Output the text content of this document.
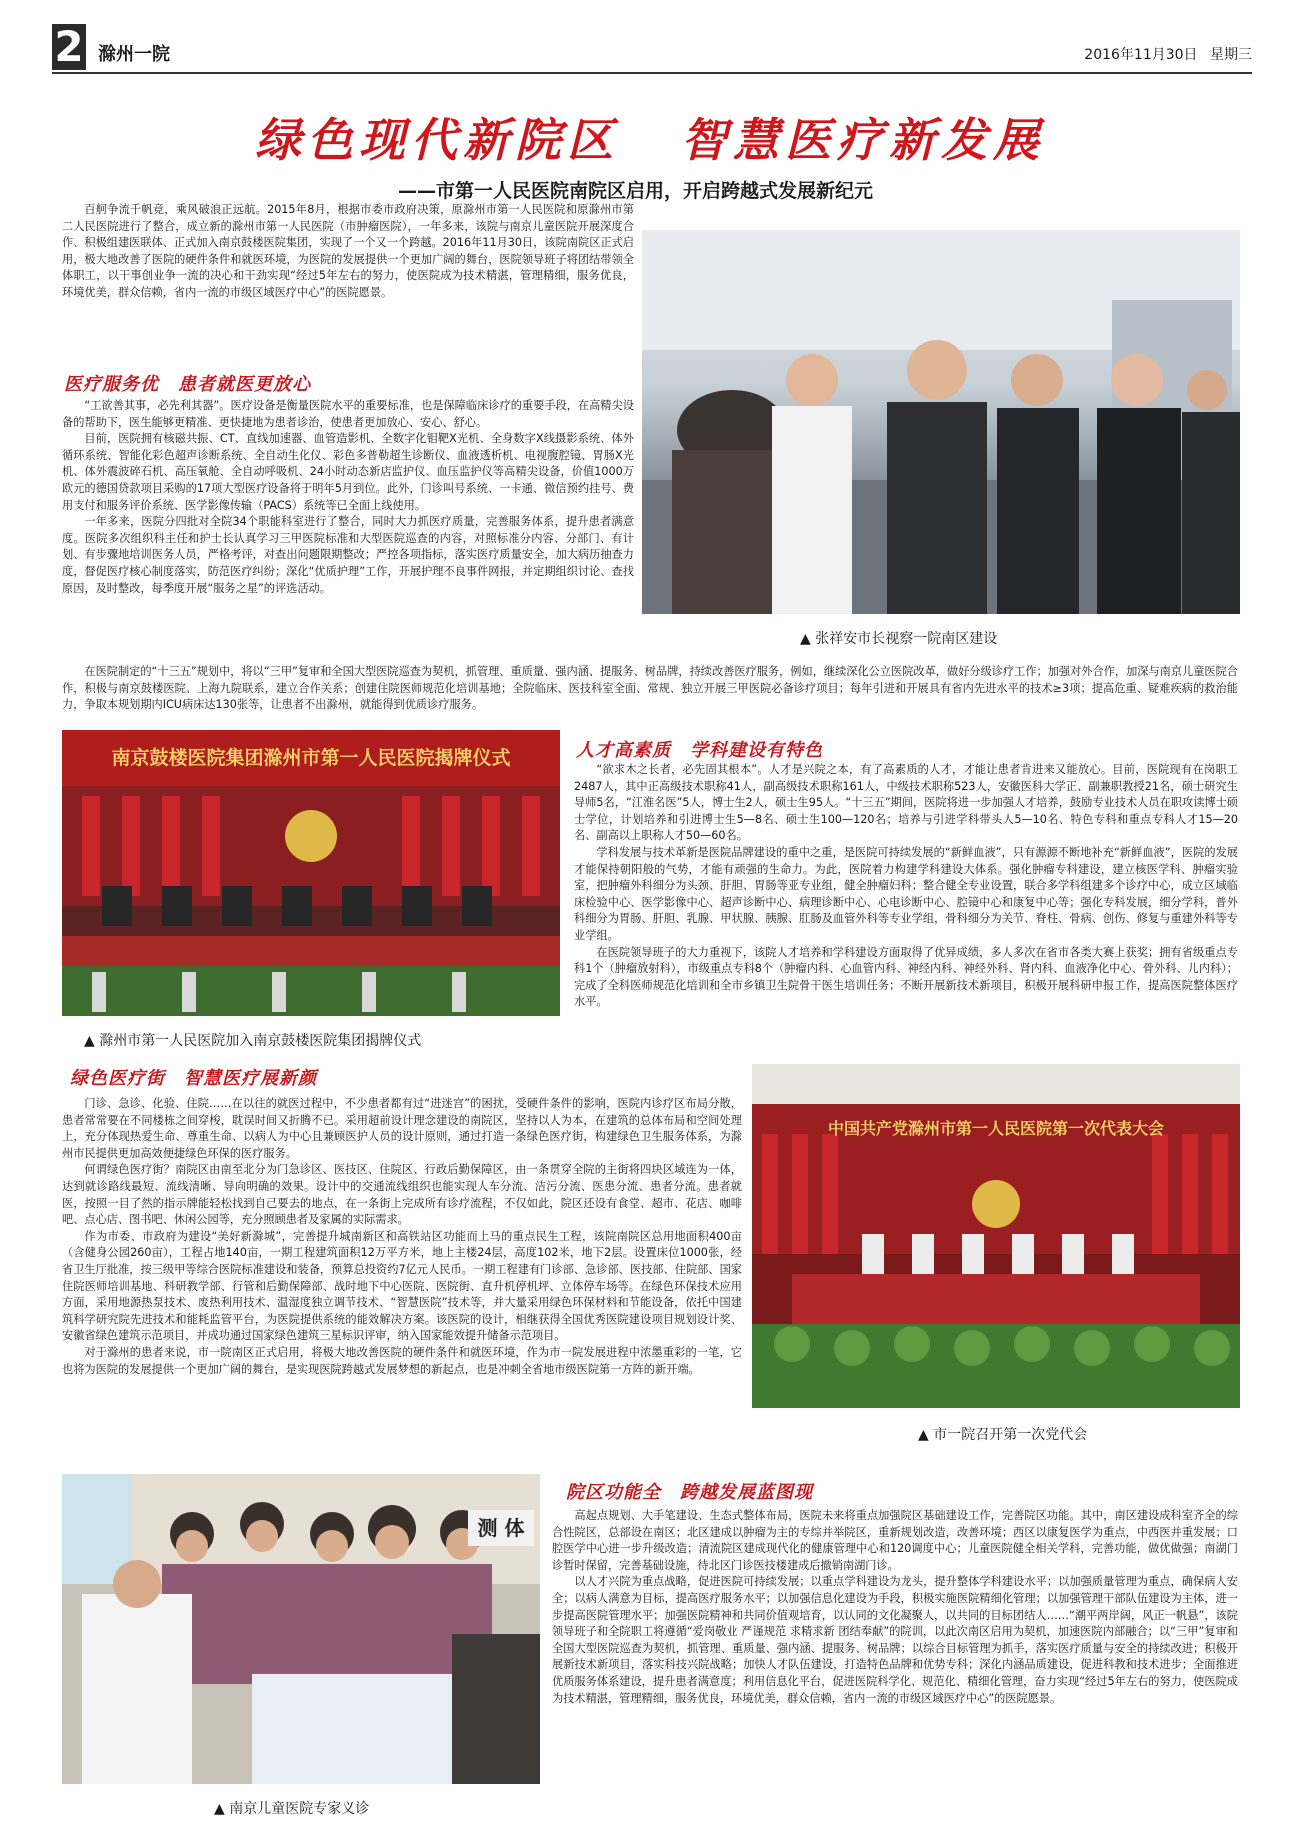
2 滁州一院	2016年11月30日 星期三
绿色现代新院区 智慧医疗新发展
——市第一人民医院南院区启用，开启跨越式发展新纪元

百舸争流千帆竞，乘风破浪正远航。2015年8月，根据市委市政府决策，原滁州市第一人民医院和原滁州市第二人民医院进行了整合，成立新的滁州市第一人民医院（市肿瘤医院），一年多来，该院与南京儿童医院开展深度合作、积极组建医联体、正式加入南京鼓楼医院集团，实现了一个又一个跨越。2016年11月30日，该院南院区正式启用，极大地改善了医院的硬件条件和就医环境，为医院的发展提供一个更加广阔的舞台，医院领导班子将团结带领全体职工，以干事创业争一流的决心和干劲实现“经过5年左右的努力，使医院成为技术精湛，管理精细，服务优良，环境优美，群众信赖，省内一流的市级区域医疗中心”的医院愿景。

医疗服务优　患者就医更放心

“工欲善其事，必先利其器”。医疗设备是衡量医院水平的重要标准，也是保障临床诊疗的重要手段，在高精尖设备的帮助下，医生能够更精准、更快捷地为患者诊治，使患者更加放心、安心、舒心。

目前，医院拥有核磁共振、CT、直线加速器、血管造影机、全数字化钼靶X光机、全身数字X线摄影系统、体外循环系统、智能化彩色超声诊断系统、全自动生化仪、彩色多普勒超生诊断仪、血液透析机、电视腹腔镜、胃肠X光机、体外震波碎石机、高压氧舱、全自动呼吸机、24小时动态新店监护仪、血压监护仪等高精尖设备，价值1000万欧元的德国贷款项目采购的17项大型医疗设备将于明年5月到位。此外，门诊叫号系统、一卡通、微信预约挂号、费用支付和服务评价系统、医学影像传输（PACS）系统等已全面上线使用。

一年多来，医院分四批对全院34个职能科室进行了整合，同时大力抓医疗质量，完善服务体系，提升患者满意度。医院多次组织科主任和护士长认真学习三甲医院标准和大型医院巡查的内容，对照标准分内容、分部门、有计划、有步骤地培训医务人员，严格考评，对查出问题限期整改；严控各项指标，落实医疗质量安全，加大病历抽查力度，督促医疗核心制度落实，防范医疗纠纷；深化“优质护理”工作，开展护理不良事件网报，并定期组织讨论、查找原因，及时整改，每季度开展“服务之星”的评选活动。

在医院制定的“十三五”规划中，将以“三甲”复审和全国大型医院巡查为契机，抓管理、重质量、强内涵、提服务、树品牌，持续改善医疗服务，例如，继续深化公立医院改革，做好分级诊疗工作；加强对外合作，加深与南京儿童医院合作，积极与南京鼓楼医院、上海九院联系，建立合作关系；创建住院医师规范化培训基地；全院临床、医技科室全面、常规、独立开展三甲医院必备诊疗项目；每年引进和开展具有省内先进水平的技术≥3项；提高危重、疑难疾病的救治能力，争取本规划期内ICU病床达130张等，让患者不出滁州，就能得到优质诊疗服务。

▲ 张祥安市长视察一院南区建设
南京鼓楼医院集团滁州市第一人民医院揭牌仪式
▲ 滁州市第一人民医院加入南京鼓楼医院集团揭牌仪式
人才高素质　学科建设有特色

“欲求木之长者，必先固其根本”。人才是兴院之本，有了高素质的人才，才能让患者肯进来又能放心。目前，医院现有在岗职工2487人，其中正高级技术职称41人，副高级技术职称161人，中级技术职称523人，安徽医科大学正、副兼职教授21名，硕士研究生导师5名，“江淮名医”5人，博士生2人，硕士生95人。“十三五”期间，医院将进一步加强人才培养，鼓励专业技术人员在职攻读博士硕士学位，计划培养和引进博士生5—8名、硕士生100—120名；培养与引进学科带头人5—10名、特色专科和重点专科人才15—20名、副高以上职称人才50—60名。

学科发展与技术革新是医院品牌建设的重中之重，是医院可持续发展的“新鲜血液”，只有源源不断地补充“新鲜血液”，医院的发展才能保持朝阳般的气势，才能有顽强的生命力。为此，医院着力构建学科建设大体系。强化肿瘤专科建设，建立核医学科、肿瘤实验室，把肿瘤外科细分为头颈、肝胆、胃肠等亚专业组，健全肿瘤妇科；整合健全专业设置，联合多学科组建多个诊疗中心，成立区域临床检验中心、医学影像中心、超声诊断中心、病理诊断中心、心电诊断中心、腔镜中心和康复中心等；强化专科发展，细分学科，普外科细分为胃肠、肝胆、乳腺、甲状腺、胰腺、肛肠及血管外科等专业学组，骨科细分为关节、脊柱、骨病、创伤、修复与重建外科等专业学组。

在医院领导班子的大力重视下，该院人才培养和学科建设方面取得了优异成绩，多人多次在省市各类大赛上获奖；拥有省级重点专科1个（肿瘤放射科），市级重点专科8个（肿瘤内科、心血管内科、神经内科、神经外科、肾内科、血液净化中心、骨外科、儿内科）；完成了全科医师规范化培训和全市乡镇卫生院骨干医生培训任务；不断开展新技术新项目，积极开展科研申报工作，提高医院整体医疗水平。

绿色医疗街　智慧医疗展新颜

门诊、急诊、化验、住院……在以往的就医过程中，不少患者都有过“进迷宫”的困扰，受硬件条件的影响，医院内诊疗区布局分散，患者常常要在不同楼栋之间穿梭，耽误时间又折腾不已。采用超前设计理念建设的南院区，坚持以人为本，在建筑的总体布局和空间处理上，充分体现热爱生命、尊重生命、以病人为中心且兼顾医护人员的设计原则，通过打造一条绿色医疗街，构建绿色卫生服务体系，为滁州市民提供更加高效便捷绿色环保的医疗服务。

何谓绿色医疗街？南院区由南至北分为门急诊区、医技区、住院区、行政后勤保障区，由一条贯穿全院的主街将四块区域连为一体，达到就诊路线最短、流线清晰、导向明确的效果。设计中的交通流线组织也能实现人车分流、洁污分流、医患分流、患者分流。患者就医，按照一目了然的指示牌能轻松找到自己要去的地点，在一条街上完成所有诊疗流程，不仅如此，院区还设有食堂、超市、花店、咖啡吧、点心店、图书吧、休闲公园等，充分照顾患者及家属的实际需求。

作为市委、市政府为建设“美好新滁城”，完善提升城南新区和高铁站区功能而上马的重点民生工程，该院南院区总用地面积400亩（含健身公园260亩），工程占地140亩，一期工程建筑面积12万平方米，地上主楼24层，高度102米，地下2层。设置床位1000张，经省卫生厅批准，按三级甲等综合医院标准建设和装备，预算总投资约7亿元人民币。一期工程建有门诊部、急诊部、医技部、住院部、国家住院医师培训基地、科研教学部、行管和后勤保障部、战时地下中心医院、医院街、直升机停机坪、立体停车场等。在绿色环保技术应用方面，采用地源热泵技术、废热利用技术、温湿度独立调节技术、“智慧医院”技术等，并大量采用绿色环保材料和节能设备，依托中国建筑科学研究院先进技术和能耗监管平台，为医院提供系统的能效解决方案。该医院的设计，相继获得全国优秀医院建设项目规划设计奖、安徽省绿色建筑示范项目，并成功通过国家绿色建筑三星标识评审，纳入国家能效提升储备示范项目。

对于滁州的患者来说，市一院南区正式启用，将极大地改善医院的硬件条件和就医环境，作为市一院发展进程中浓墨重彩的一笔，它也将为医院的发展提供一个更加广阔的舞台，是实现医院跨越式发展梦想的新起点，也是冲刺全省地市级医院第一方阵的新开端。

中国共产党滁州市第一人民医院第一次代表大会
▲ 市一院召开第一次党代会
测 体
▲ 南京儿童医院专家义诊
院区功能全　跨越发展蓝图现

高起点规划、大手笔建设、生态式整体布局，医院未来将重点加强院区基础建设工作，完善院区功能。其中，南区建设成科室齐全的综合性院区，总部设在南区；北区建成以肿瘤为主的专综并举院区，重新规划改造，改善环境；西区以康复医学为重点，中西医并重发展；口腔医学中心进一步升级改造；清流院区建成现代化的健康管理中心和120调度中心；儿童医院健全相关学科，完善功能，做优做强；南湖门诊暂时保留，完善基础设施，待北区门诊医技楼建成后撤销南湖门诊。

以人才兴院为重点战略，促进医院可持续发展；以重点学科建设为龙头，提升整体学科建设水平；以加强质量管理为重点，确保病人安全；以病人满意为目标，提高医疗服务水平；以加强信息化建设为手段，积极实施医院精细化管理；以加强管理干部队伍建设为主体，进一步提高医院管理水平；加强医院精神和共同价值观培育，以认同的文化凝聚人，以共同的目标团结人……“潮平两岸阔，风正一帆悬”，该院领导班子和全院职工将遵循“爱岗敬业 严谨规范 求精求新 团结奉献”的院训，以此次南区启用为契机，加速医院内部融合；以“三甲”复审和全国大型医院巡查为契机，抓管理、重质量、强内涵、提服务、树品牌；以综合目标管理为抓手，落实医疗质量与安全的持续改进；积极开展新技术新项目，落实科技兴院战略；加快人才队伍建设，打造特色品牌和优势专科；深化内涵品质建设，促进科教和技术进步；全面推进优质服务体系建设，提升患者满意度；利用信息化平台，促进医院科学化、规范化、精细化管理，奋力实现“经过5年左右的努力，使医院成为技术精湛，管理精细，服务优良，环境优美，群众信赖，省内一流的市级区域医疗中心”的医院愿景。
